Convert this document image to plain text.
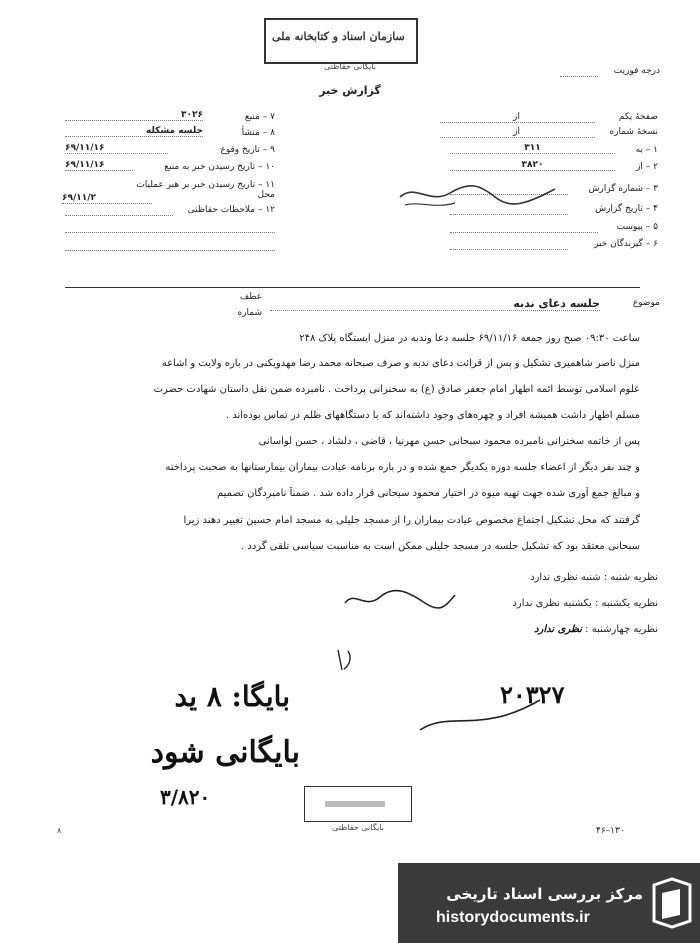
سازمان اسناد و کتابخانه ملی
بایگانی حفاظتی	درجه فوریت
گزارش خبر
۷ – منبع
۳۰۲۶
۸ – منشأ
جلسه مشکله
۹ – تاریخ وقوع
۶۹/۱۱/۱۶
۱۰ – تاریخ رسیدن خبر به منبع
۶۹/۱۱/۱۶
۱۱ – تاریخ رسیدن خبر بر هبر عملیات محل
۶۹/۱۱/۲
۱۲ – ملاحظات حفاظتی
صفحهٔ یکم
از
نسخهٔ شماره
از
۱ – به
۳۱۱
۲ – از
۳۸۲۰
۳ – شماره گزارش
۴ – تاریخ گزارش
۵ – پیوست
۶ – گیرندگان خبر
عطف
شماره
موضوع
جلسه دعای ندبه
ساعت ۰۹:۳۰ صبح روز جمعه ۶۹/۱۱/۱۶ جلسه دعا وندبه در منزل ایستگاه پلاک ۲۴۸
منزل ناصر شاهمیری تشکیل و پس از قرائت دعای ندبه و صرف صبحانه محمد رضا مهدویکنی در باره ولایت و اشاعه
علوم اسلامی توسط ائمه اطهار امام جعفر صادق (ع) به سخنرانی پرداخت . نامبرده ضمن نقل داستان شهادت حضرت
مسلم اظهار داشت همیشه افراد و چهره‌های وجود داشته‌اند که با دستگاههای ظلم در تماس بوده‌اند .
پس از خاتمه سخنرانی نامبرده محمود سبحانی حسن مهرنیا ، قاضی ، دلشاد ، حسن لواسانی
و چند نفر دیگر از اعضاء جلسه دوره یکدیگر جمع شده و در باره برنامه عیادت بیماران بیمارستانها به صحبت پرداخته
و مبالغ جمع آوری شده جهت تهیه میوه در اختیار محمود سبحانی قرار داده شد . ضمناً نامبردگان تصمیم
گرفتند که محل تشکیل اجتماع مخصوص عیادت بیماران را از مسجد جلیلی به مسجد امام حسین تغییر دهند زیرا
سبحانی معتقد بود که تشکیل جلسه در مسجد جلیلی ممکن است به مناسبت سیاسی تلقی گردد .
نظریه شنبه : شنبه نظری ندارد
نظریه یکشنبه : یکشنبه نظری ندارد
نظریه چهارشنبه : نظری ندارد
بایگا: ۸ ید
بایگانی شود
۳/۸۲۰
۲۰۳۲۷
بایگانی حفاظتی
۸	۴۶–۱۳۰
مرکز بررسی اسناد تاریخی
historydocuments.ir
